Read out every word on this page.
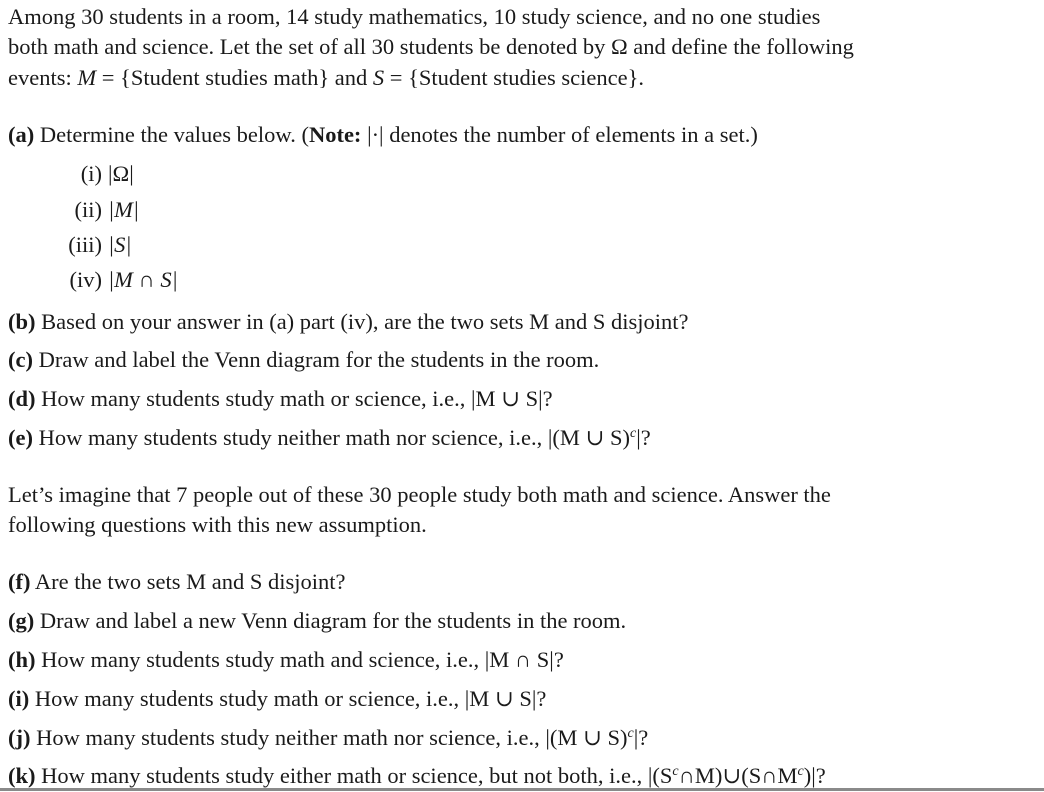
Among 30 students in a room, 14 study mathematics, 10 study science, and no one studies
both math and science. Let the set of all 30 students be denoted by Ω and define the following
events: M = {Student studies math} and S = {Student studies science}.
(a) Determine the values below. (Note: |·| denotes the number of elements in a set.)
(i) |Ω|
(ii) |M|
(iii) |S|
(iv) |M ∩ S|
(b) Based on your answer in (a) part (iv), are the two sets M and S disjoint?
(c) Draw and label the Venn diagram for the students in the room.
(d) How many students study math or science, i.e., |M ∪ S|?
(e) How many students study neither math nor science, i.e., |(M ∪ S)$^c$|?
Let’s imagine that 7 people out of these 30 people study both math and science. Answer the
following questions with this new assumption.
(f) Are the two sets M and S disjoint?
(g) Draw and label a new Venn diagram for the students in the room.
(h) How many students study math and science, i.e., |M ∩ S|?
(i) How many students study math or science, i.e., |M ∪ S|?
(j) How many students study neither math nor science, i.e., |(M ∪ S)$^c$|?
(k) How many students study either math or science, but not both, i.e., $|(S^c\cap M)\cup(S\cap M^c)|$?
